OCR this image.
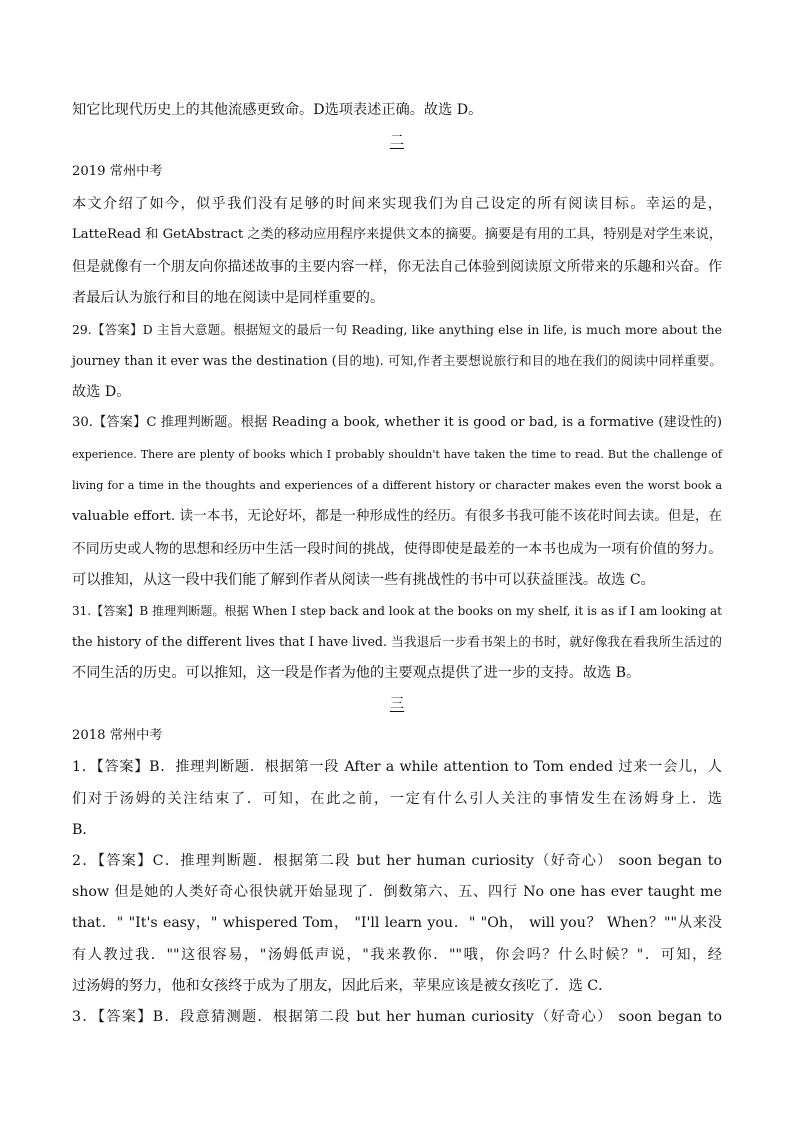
知它比现代历史上的其他流感更致命。D选项表述正确。故选 D。
二
2019 常州中考
本文介绍了如今，似乎我们没有足够的时间来实现我们为自己设定的所有阅读目标。幸运的是，
LatteRead 和 GetAbstract 之类的移动应用程序来提供文本的摘要。摘要是有用的工具，特别是对学生来说，
但是就像有一个朋友向你描述故事的主要内容一样，你无法自己体验到阅读原文所带来的乐趣和兴奋。作
者最后认为旅行和目的地在阅读中是同样重要的。
29.【答案】D 主旨大意题。根据短文的最后一句 Reading, like anything else in life, is much more about the
journey than it ever was the destination (目的地). 可知,作者主要想说旅行和目的地在我们的阅读中同样重要。
故选 D。
30.【答案】C 推理判断题。根据 Reading a book, whether it is good or bad, is a formative (建设性的)
experience. There are plenty of books which I probably shouldn't have taken the time to read. But the challenge of
living for a time in the thoughts and experiences of a different history or character makes even the worst book a
valuable effort. 读一本书，无论好坏，都是一种形成性的经历。有很多书我可能不该花时间去读。但是，在
不同历史或人物的思想和经历中生活一段时间的挑战，使得即使是最差的一本书也成为一项有价值的努力。
可以推知，从这一段中我们能了解到作者从阅读一些有挑战性的书中可以获益匪浅。故选 C。
31.【答案】B 推理判断题。根据 When I step back and look at the books on my shelf, it is as if I am looking at
the history of the different lives that I have lived. 当我退后一步看书架上的书时，就好像我在看我所生活过的
不同生活的历史。可以推知，这一段是作者为他的主要观点提供了进一步的支持。故选 B。
三
2018 常州中考
1．【答案】B．推理判断题．根据第一段 After a while attention to Tom ended 过来一会儿，人
们对于汤姆的关注结束了．可知，在此之前，一定有什么引人关注的事情发生在汤姆身上．选
B．
2．【答案】C．推理判断题．根据第二段 but her human curiosity（好奇心） soon began to
show 但是她的人类好奇心很快就开始显现了．倒数第六、五、四行 No one has ever taught me
that．" "It's easy，" whispered Tom， "I'll learn you．" "Oh， will you？ When？""从来没
有人教过我．""这很容易，"汤姆低声说，"我来教你．""哦，你会吗？什么时候？"．可知，经
过汤姆的努力，他和女孩终于成为了朋友，因此后来，苹果应该是被女孩吃了．选 C．
3．【答案】B．段意猜测题．根据第二段 but her human curiosity（好奇心） soon began to
